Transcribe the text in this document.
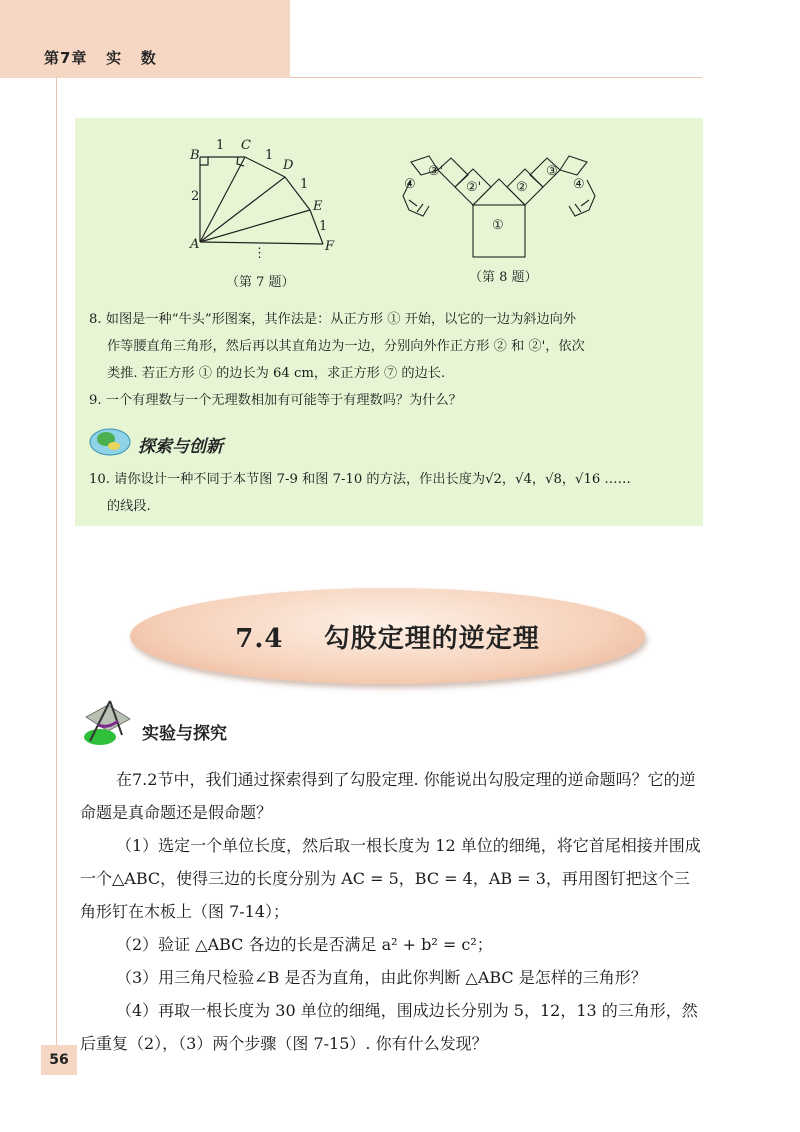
第7章   实   数
B
C
D
E
F
A
1
1
1
1
2
⋮
（第 7 题）
①
②'	②
③'	③
④	④
（第 8 题）

8. 如图是一种“牛头”形图案，其作法是：从正方形 ① 开始，以它的一边为斜边向外

作等腰直角三角形，然后再以其直角边为一边，分别向外作正方形 ② 和 ②'，依次

类推. 若正方形 ① 的边长为 64 cm，求正方形 ⑦ 的边长.

9. 一个有理数与一个无理数相加有可能等于有理数吗？为什么？

探索与创新

10. 请你设计一种不同于本节图 7-9 和图 7-10 的方法，作出长度为√2，√4，√8，√16 ……

的线段.

7.4    勾股定理的逆定理
实验与探究

在7.2节中，我们通过探索得到了勾股定理. 你能说出勾股定理的逆命题吗？它的逆命题是真命题还是假命题？

（1）选定一个单位长度，然后取一根长度为 12 单位的细绳，将它首尾相接并围成一个△ABC，使得三边的长度分别为 AC = 5，BC = 4，AB = 3，再用图钉把这个三角形钉在木板上（图 7-14）；

（2）验证 △ABC 各边的长是否满足 a² + b² = c²；

（3）用三角尺检验∠B 是否为直角，由此你判断 △ABC 是怎样的三角形？

（4）再取一根长度为 30 单位的细绳，围成边长分别为 5，12，13 的三角形，然后重复（2），（3）两个步骤（图 7-15）. 你有什么发现？

56
